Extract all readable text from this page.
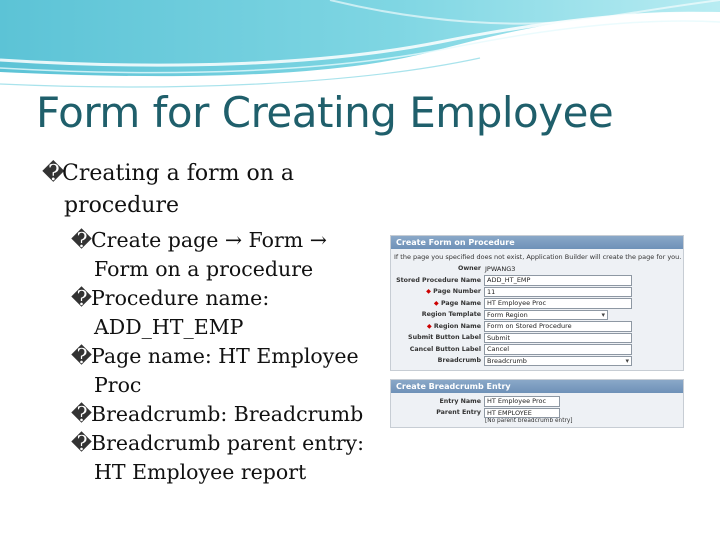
Form for Creating Employee
�Creating a form on a procedure
�Create page → Form → Form on a procedure
�Procedure name: ADD_HT_EMP
�Page name: HT Employee Proc
�Breadcrumb: Breadcrumb
�Breadcrumb parent entry: HT Employee report
Create Form on Procedure
If the page you specified does not exist, Application Builder will create the page for you.
Owner JPWANG3
Stored Procedure Name ADD_HT_EMP
◆ Page Number 11
◆ Page Name HT Employee Proc
Region Template Form Region ▾
◆ Region Name Form on Stored Procedure
Submit Button Label Submit
Cancel Button Label Cancel
Breadcrumb Breadcrumb ▾
Create Breadcrumb Entry
Entry Name HT Employee Proc
Parent Entry HT EMPLOYEE
[No parent breadcrumb entry]
